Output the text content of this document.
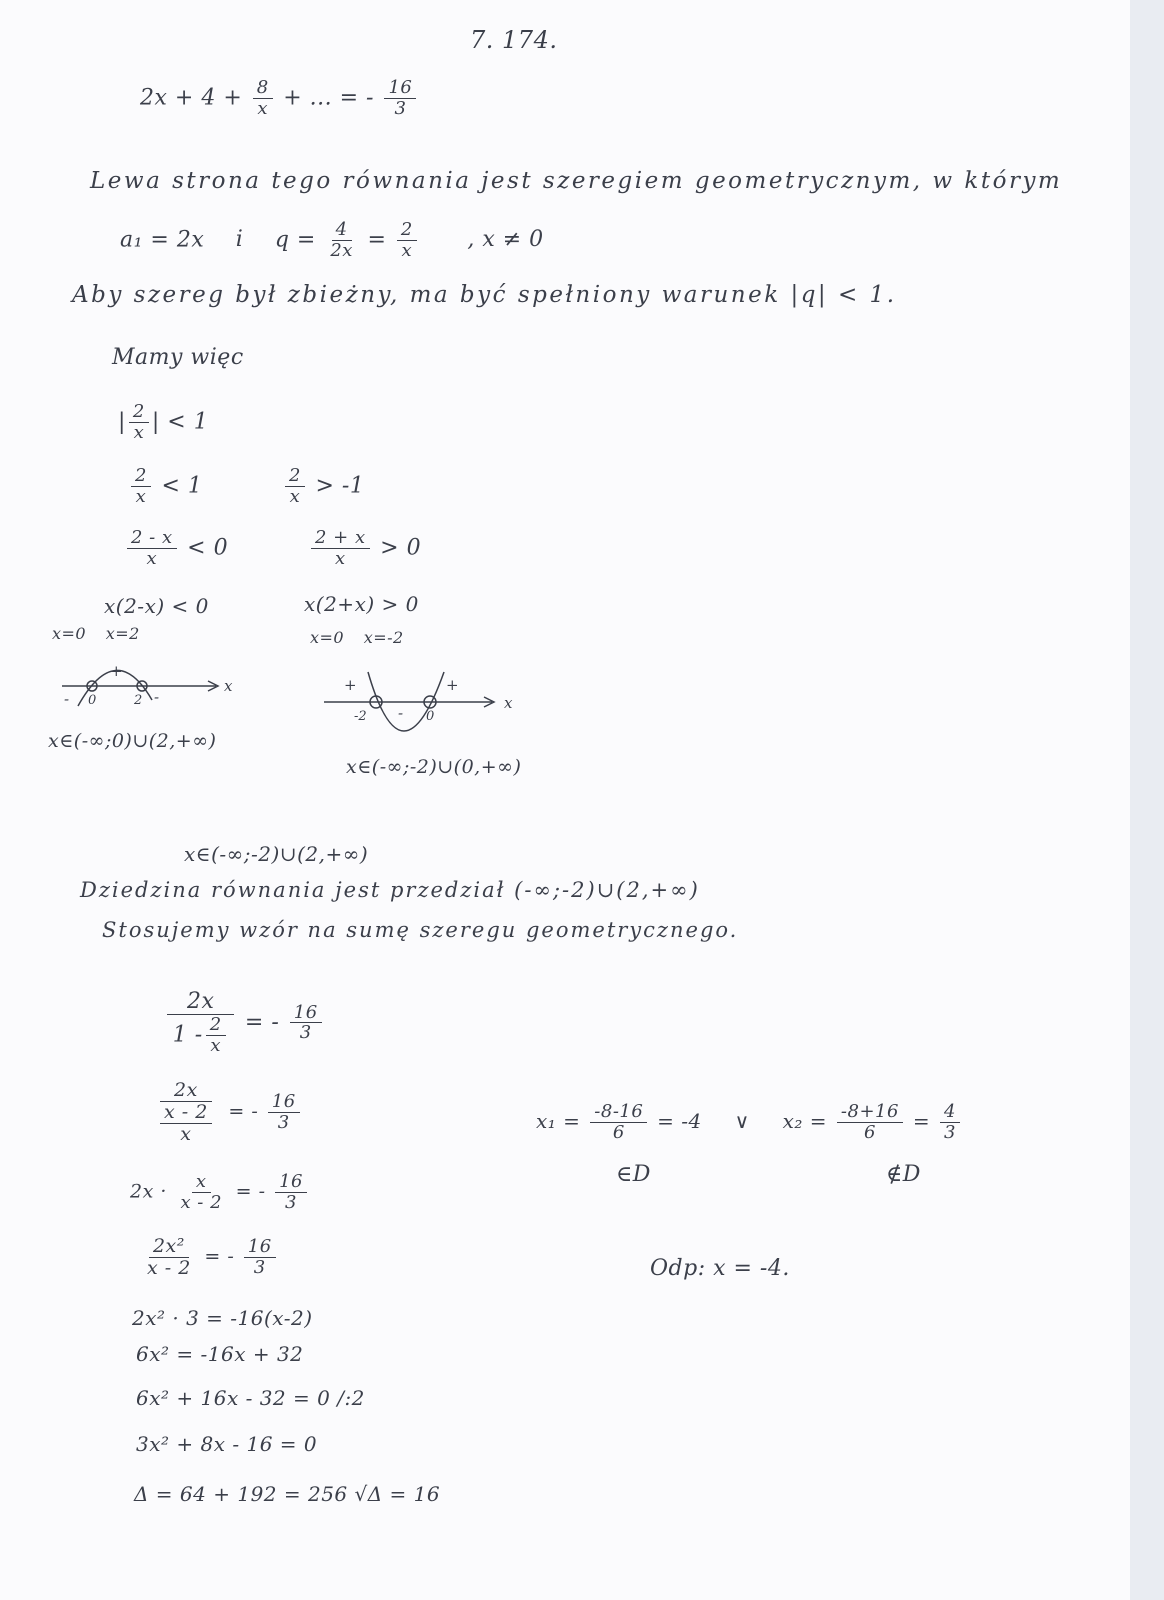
7. 174.
$2x + 4 + \frac{8}{x}$ + ... = - $\frac{16}{3}$
Lewa strona tego równania jest szeregiem geometrycznym, w którym
a₁ = 2x i $q = \frac{4}{2x} = \frac{2}{x}$ , x ≠ 0
Aby szereg był zbieżny, ma być spełniony warunek |q| < 1.
Mamy więc
| $\frac{2}{x}$ | < 1
$\frac{2}{x} < 1$	$\frac{2}{x} > -1$
$\frac{2 - x}{x} < 0$	$\frac{2 + x}{x} > 0$
x(2-x) < 0	x(2+x) > 0
x=0 x=2	x=0 x=-2
+
-
- 0	2
x
x∈(-∞;0)∪(2,+∞)
+	+
-
-2	0
x
x∈(-∞;-2)∪(0,+∞)
x∈(-∞;-2)∪(2,+∞)
Dziedzina równania jest przedział (-∞;-2)∪(2,+∞)
Stosujemy wzór na sumę szeregu geometrycznego.
$\frac{2x}{1 - \frac{2}{x}}$ = - $\frac{16}{3}$
$\frac{2x}{\frac{x - 2}{x}}$ = - $\frac{16}{3}$
$2x \cdot \frac{x}{x - 2}$ = - $\frac{16}{3}$
$\frac{\text{2x²}}{x - 2}$ = - $\frac{16}{3}$
2x² · 3 = -16(x-2)
6x² = -16x + 32
6x² + 16x - 32 = 0 /:2
3x² + 8x - 16 = 0
Δ = 64 + 192 = 256 √Δ = 16
$x_1 = \frac{-8-16}{6} = -4$ ∨ $x_2 = \frac{-8+16}{6} = \frac{4}{3}$
∈D	∉D
Odp: x = -4.
